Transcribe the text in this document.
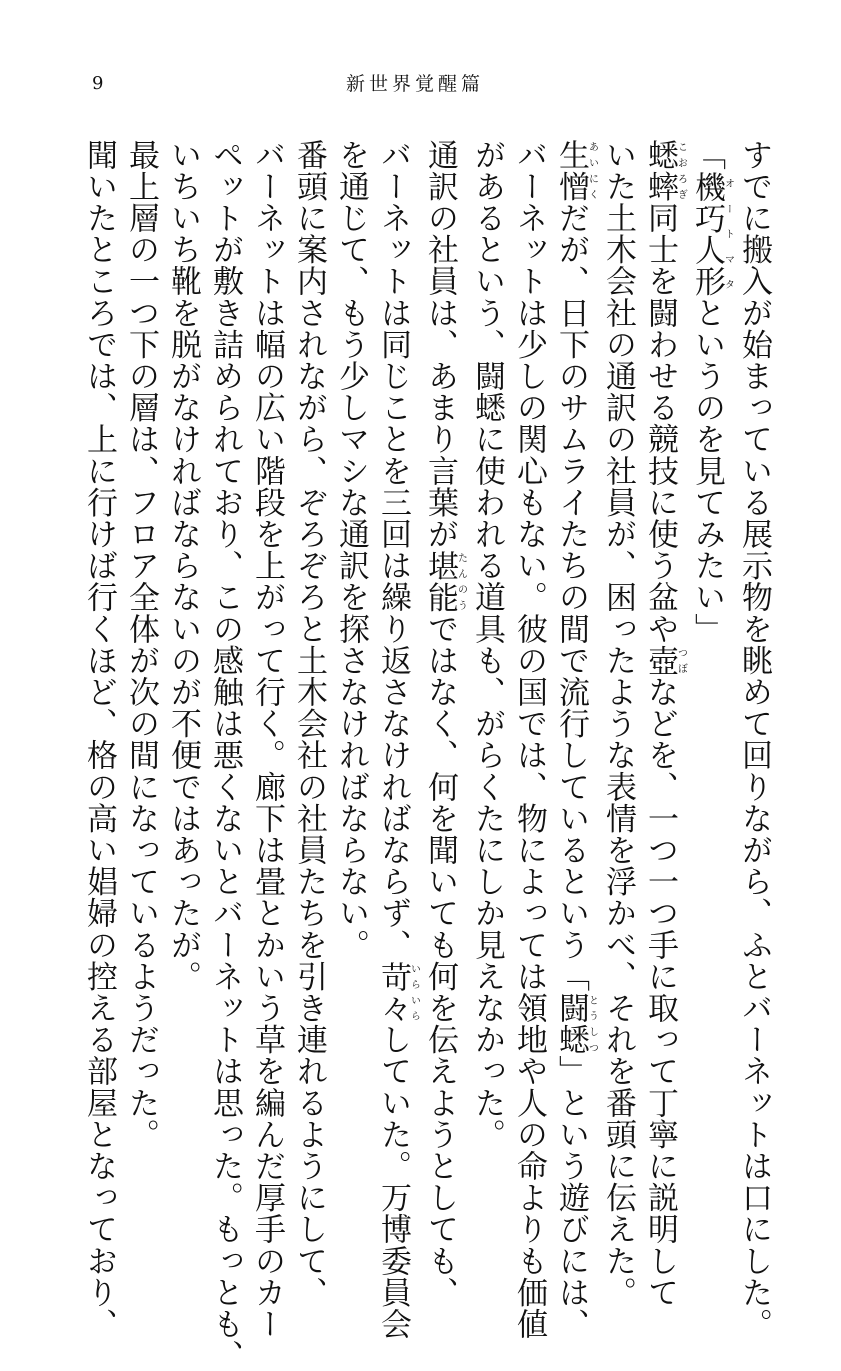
9	新世界覚醒篇
すでに搬入が始まっている展示物を眺めて回りながら、ふとバーネットは口にした。
「機巧人形オートマタというのを見てみたい」
蟋蟀こおろぎ同士を闘わせる競技に使う盆や壺つぼなどを、一つ一つ手に取って丁寧に説明して
いた土木会社の通訳の社員が、困ったような表情を浮かべ、それを番頭に伝えた。
生憎あいにくだが、日下のサムライたちの間で流行しているという「闘蟋とうしつ」という遊びには、
バーネットは少しの関心もない。彼の国では、物によっては領地や人の命よりも価値
があるという、闘蟋に使われる道具も、がらくたにしか見えなかった。
通訳の社員は、あまり言葉が堪能たんのうではなく、何を聞いても何を伝えようとしても、
バーネットは同じことを三回は繰り返さなければならず、苛々いらいらしていた。万博委員会
を通じて、もう少しマシな通訳を探さなければならない。
番頭に案内されながら、ぞろぞろと土木会社の社員たちを引き連れるようにして、
バーネットは幅の広い階段を上がって行く。廊下は畳とかいう草を編んだ厚手のカー
ペットが敷き詰められており、この感触は悪くないとバーネットは思った。もっとも、
いちいち靴を脱がなければならないのが不便ではあったが。
最上層の一つ下の層は、フロア全体が次の間になっているようだった。
聞いたところでは、上に行けば行くほど、格の高い娼婦の控える部屋となっており、
